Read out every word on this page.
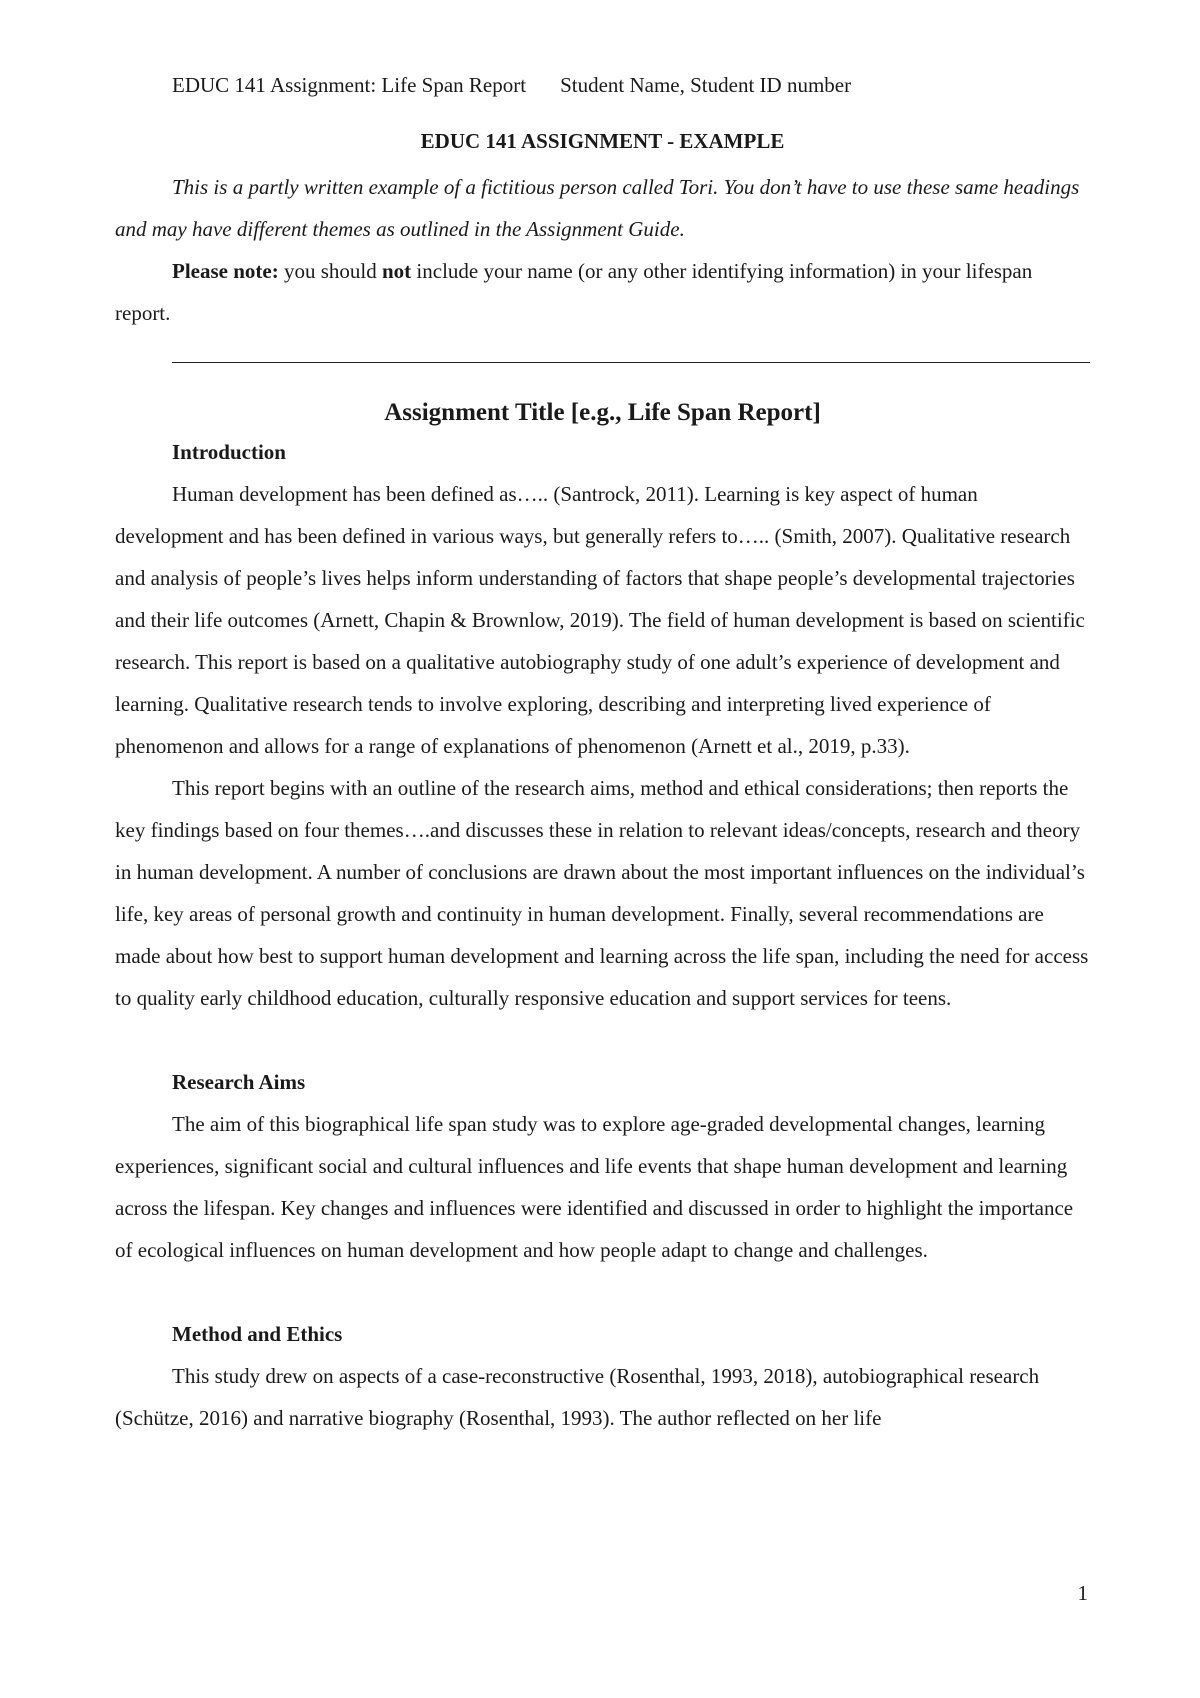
EDUC 141 Assignment: Life Span Report Student Name, Student ID number
EDUC 141 ASSIGNMENT - EXAMPLE

This is a partly written example of a fictitious person called Tori. You don’t have to use these same headings and may have different themes as outlined in the Assignment Guide.

Please note: you should not include your name (or any other identifying information) in your lifespan report.

Assignment Title [e.g., Life Span Report]
Introduction

Human development has been defined as….. (Santrock, 2011). Learning is key aspect of human development and has been defined in various ways, but generally refers to….. (Smith, 2007). Qualitative research and analysis of people’s lives helps inform understanding of factors that shape people’s developmental trajectories and their life outcomes (Arnett, Chapin & Brownlow, 2019). The field of human development is based on scientific research. This report is based on a qualitative autobiography study of one adult’s experience of development and learning. Qualitative research tends to involve exploring, describing and interpreting lived experience of phenomenon and allows for a range of explanations of phenomenon (Arnett et al., 2019, p.33).

This report begins with an outline of the research aims, method and ethical considerations; then reports the key findings based on four themes….and discusses these in relation to relevant ideas/concepts, research and theory in human development. A number of conclusions are drawn about the most important influences on the individual’s life, key areas of personal growth and continuity in human development. Finally, several recommendations are made about how best to support human development and learning across the life span, including the need for access to quality early childhood education, culturally responsive education and support services for teens.

Research Aims

The aim of this biographical life span study was to explore age-graded developmental changes, learning experiences, significant social and cultural influences and life events that shape human development and learning across the lifespan. Key changes and influences were identified and discussed in order to highlight the importance of ecological influences on human development and how people adapt to change and challenges.

Method and Ethics

This study drew on aspects of a case-reconstructive (Rosenthal, 1993, 2018), autobiographical research (Schütze, 2016) and narrative biography (Rosenthal, 1993). The author reflected on her life

1
